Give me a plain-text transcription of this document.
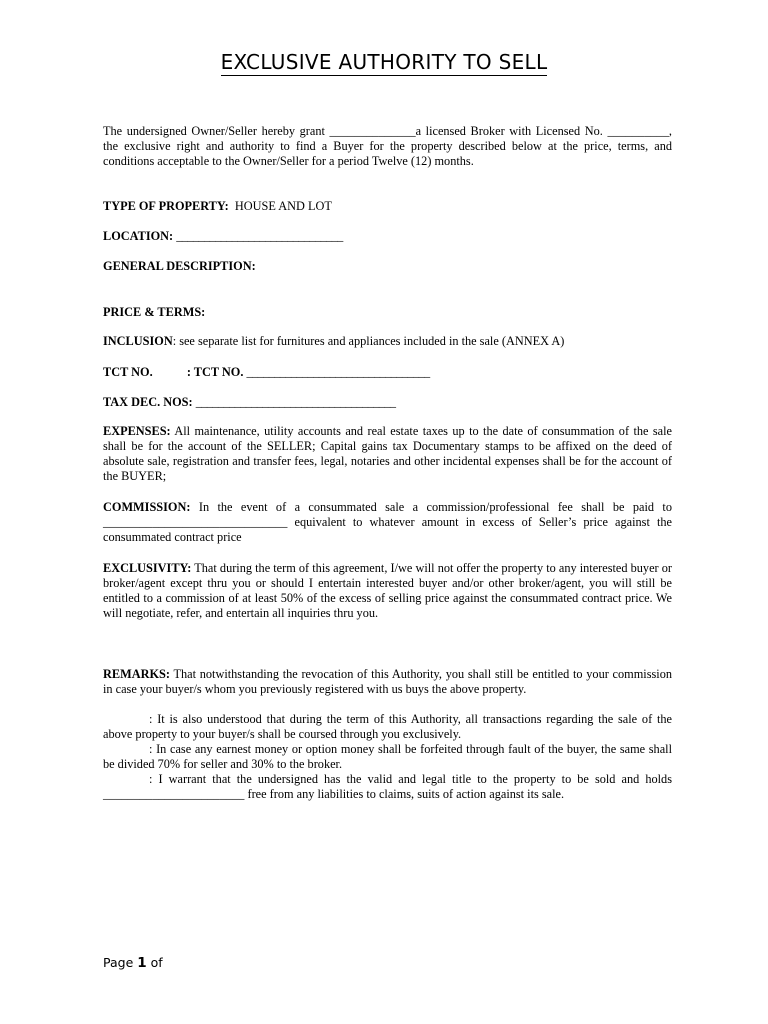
EXCLUSIVE AUTHORITY TO SELL
The undersigned Owner/Seller hereby grant ______________a licensed Broker with Licensed No. __________, the exclusive right and authority to find a Buyer for the property described below at the price, terms, and conditions acceptable to the Owner/Seller for a period Twelve (12) months.
TYPE OF PROPERTY: HOUSE AND LOT
LOCATION: ______________________________
GENERAL DESCRIPTION:
PRICE & TERMS:
INCLUSION: see separate list for furnitures and appliances included in the sale (ANNEX A)
TCT NO.	: TCT NO. _________________________________
TAX DEC. NOS: ____________________________________
EXPENSES: All maintenance, utility accounts and real estate taxes up to the date of consummation of the sale shall be for the account of the SELLER; Capital gains tax Documentary stamps to be affixed on the deed of absolute sale, registration and transfer fees, legal, notaries and other incidental expenses shall be for the account of the BUYER;
COMMISSION: In the event of a consummated sale a commission/professional fee shall be paid to ______________________________ equivalent to whatever amount in excess of Seller’s price against the consummated contract price
EXCLUSIVITY: That during the term of this agreement, I/we will not offer the property to any interested buyer or broker/agent except thru you or should I entertain interested buyer and/or other broker/agent, you will still be entitled to a commission of at least 50% of the excess of selling price against the consummated contract price. We will negotiate, refer, and entertain all inquiries thru you.
REMARKS: That notwithstanding the revocation of this Authority, you shall still be entitled to your commission in case your buyer/s whom you previously registered with us buys the above property.
: It is also understood that during the term of this Authority, all transactions regarding the sale of the above property to your buyer/s shall be coursed through you exclusively.
: In case any earnest money or option money shall be forfeited through fault of the buyer, the same shall be divided 70% for seller and 30% to the broker.
: I warrant that the undersigned has the valid and legal title to the property to be sold and holds _______________________ free from any liabilities to claims, suits of action against its sale.
Page 1 of
